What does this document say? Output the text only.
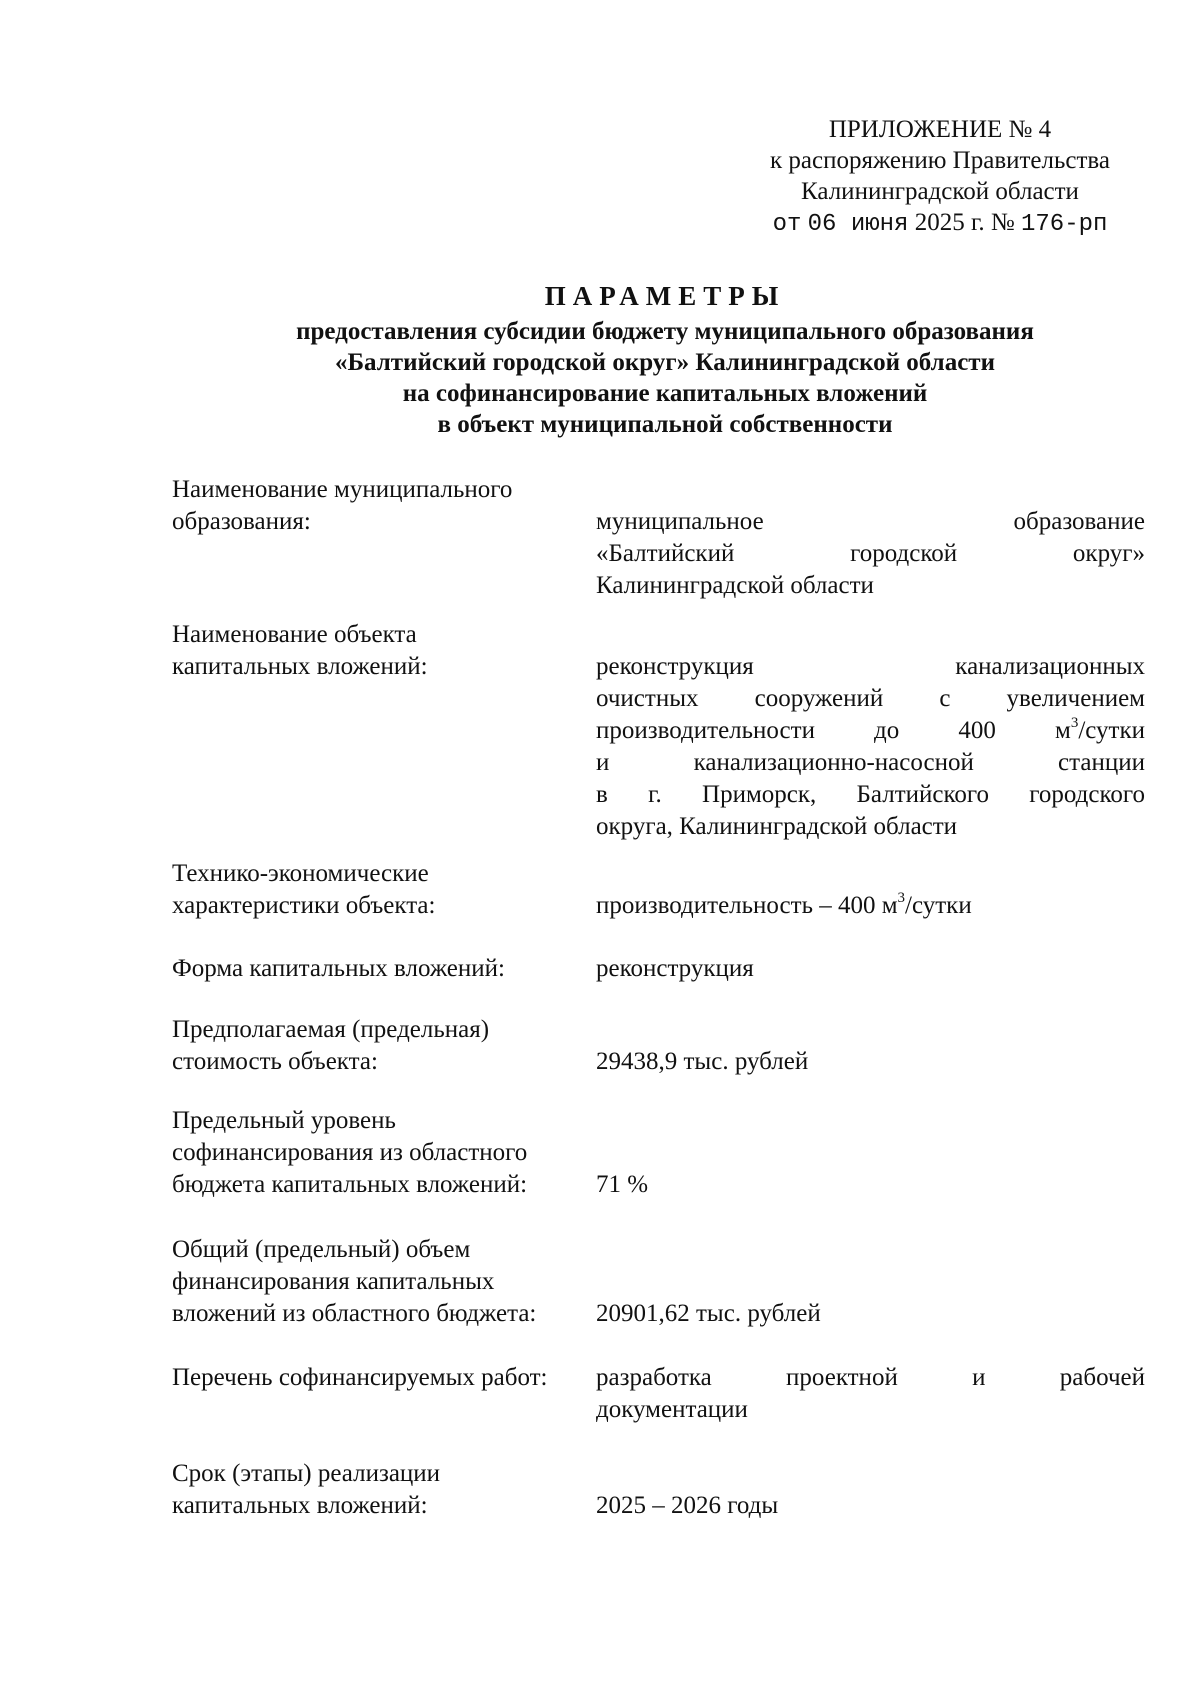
ПРИЛОЖЕНИЕ № 4
к распоряжению Правительства
Калининградской области
от 06 июня 2025 г. № 176-рп

ПАРАМЕТРЫ

предоставления субсидии бюджету муниципального образования
«Балтийский городской округ» Калининградской области
на софинансирование капитальных вложений
в объект муниципальной собственности
Наименование муниципального
образования:	муниципальное образование
«Балтийский городской округ»
Калининградской области
Наименование объекта
капитальных вложений:	реконструкция канализационных
очистных сооружений с увеличением
производительности до 400 $м^3$/сутки
и канализационно-насосной станции
в г. Приморск, Балтийского городского
округа, Калининградской области
Технико-экономические
характеристики объекта:	производительность – 400 $м^3$/сутки
Форма капитальных вложений:	реконструкция
Предполагаемая (предельная)
стоимость объекта:	29438,9 тыс. рублей
Предельный уровень
софинансирования из областного
бюджета капитальных вложений:	71 %
Общий (предельный) объем
финансирования капитальных
вложений из областного бюджета:	20901,62 тыс. рублей
Перечень софинансируемых работ:	разработка проектной и рабочей
документации
Срок (этапы) реализации
капитальных вложений:	2025 – 2026 годы
